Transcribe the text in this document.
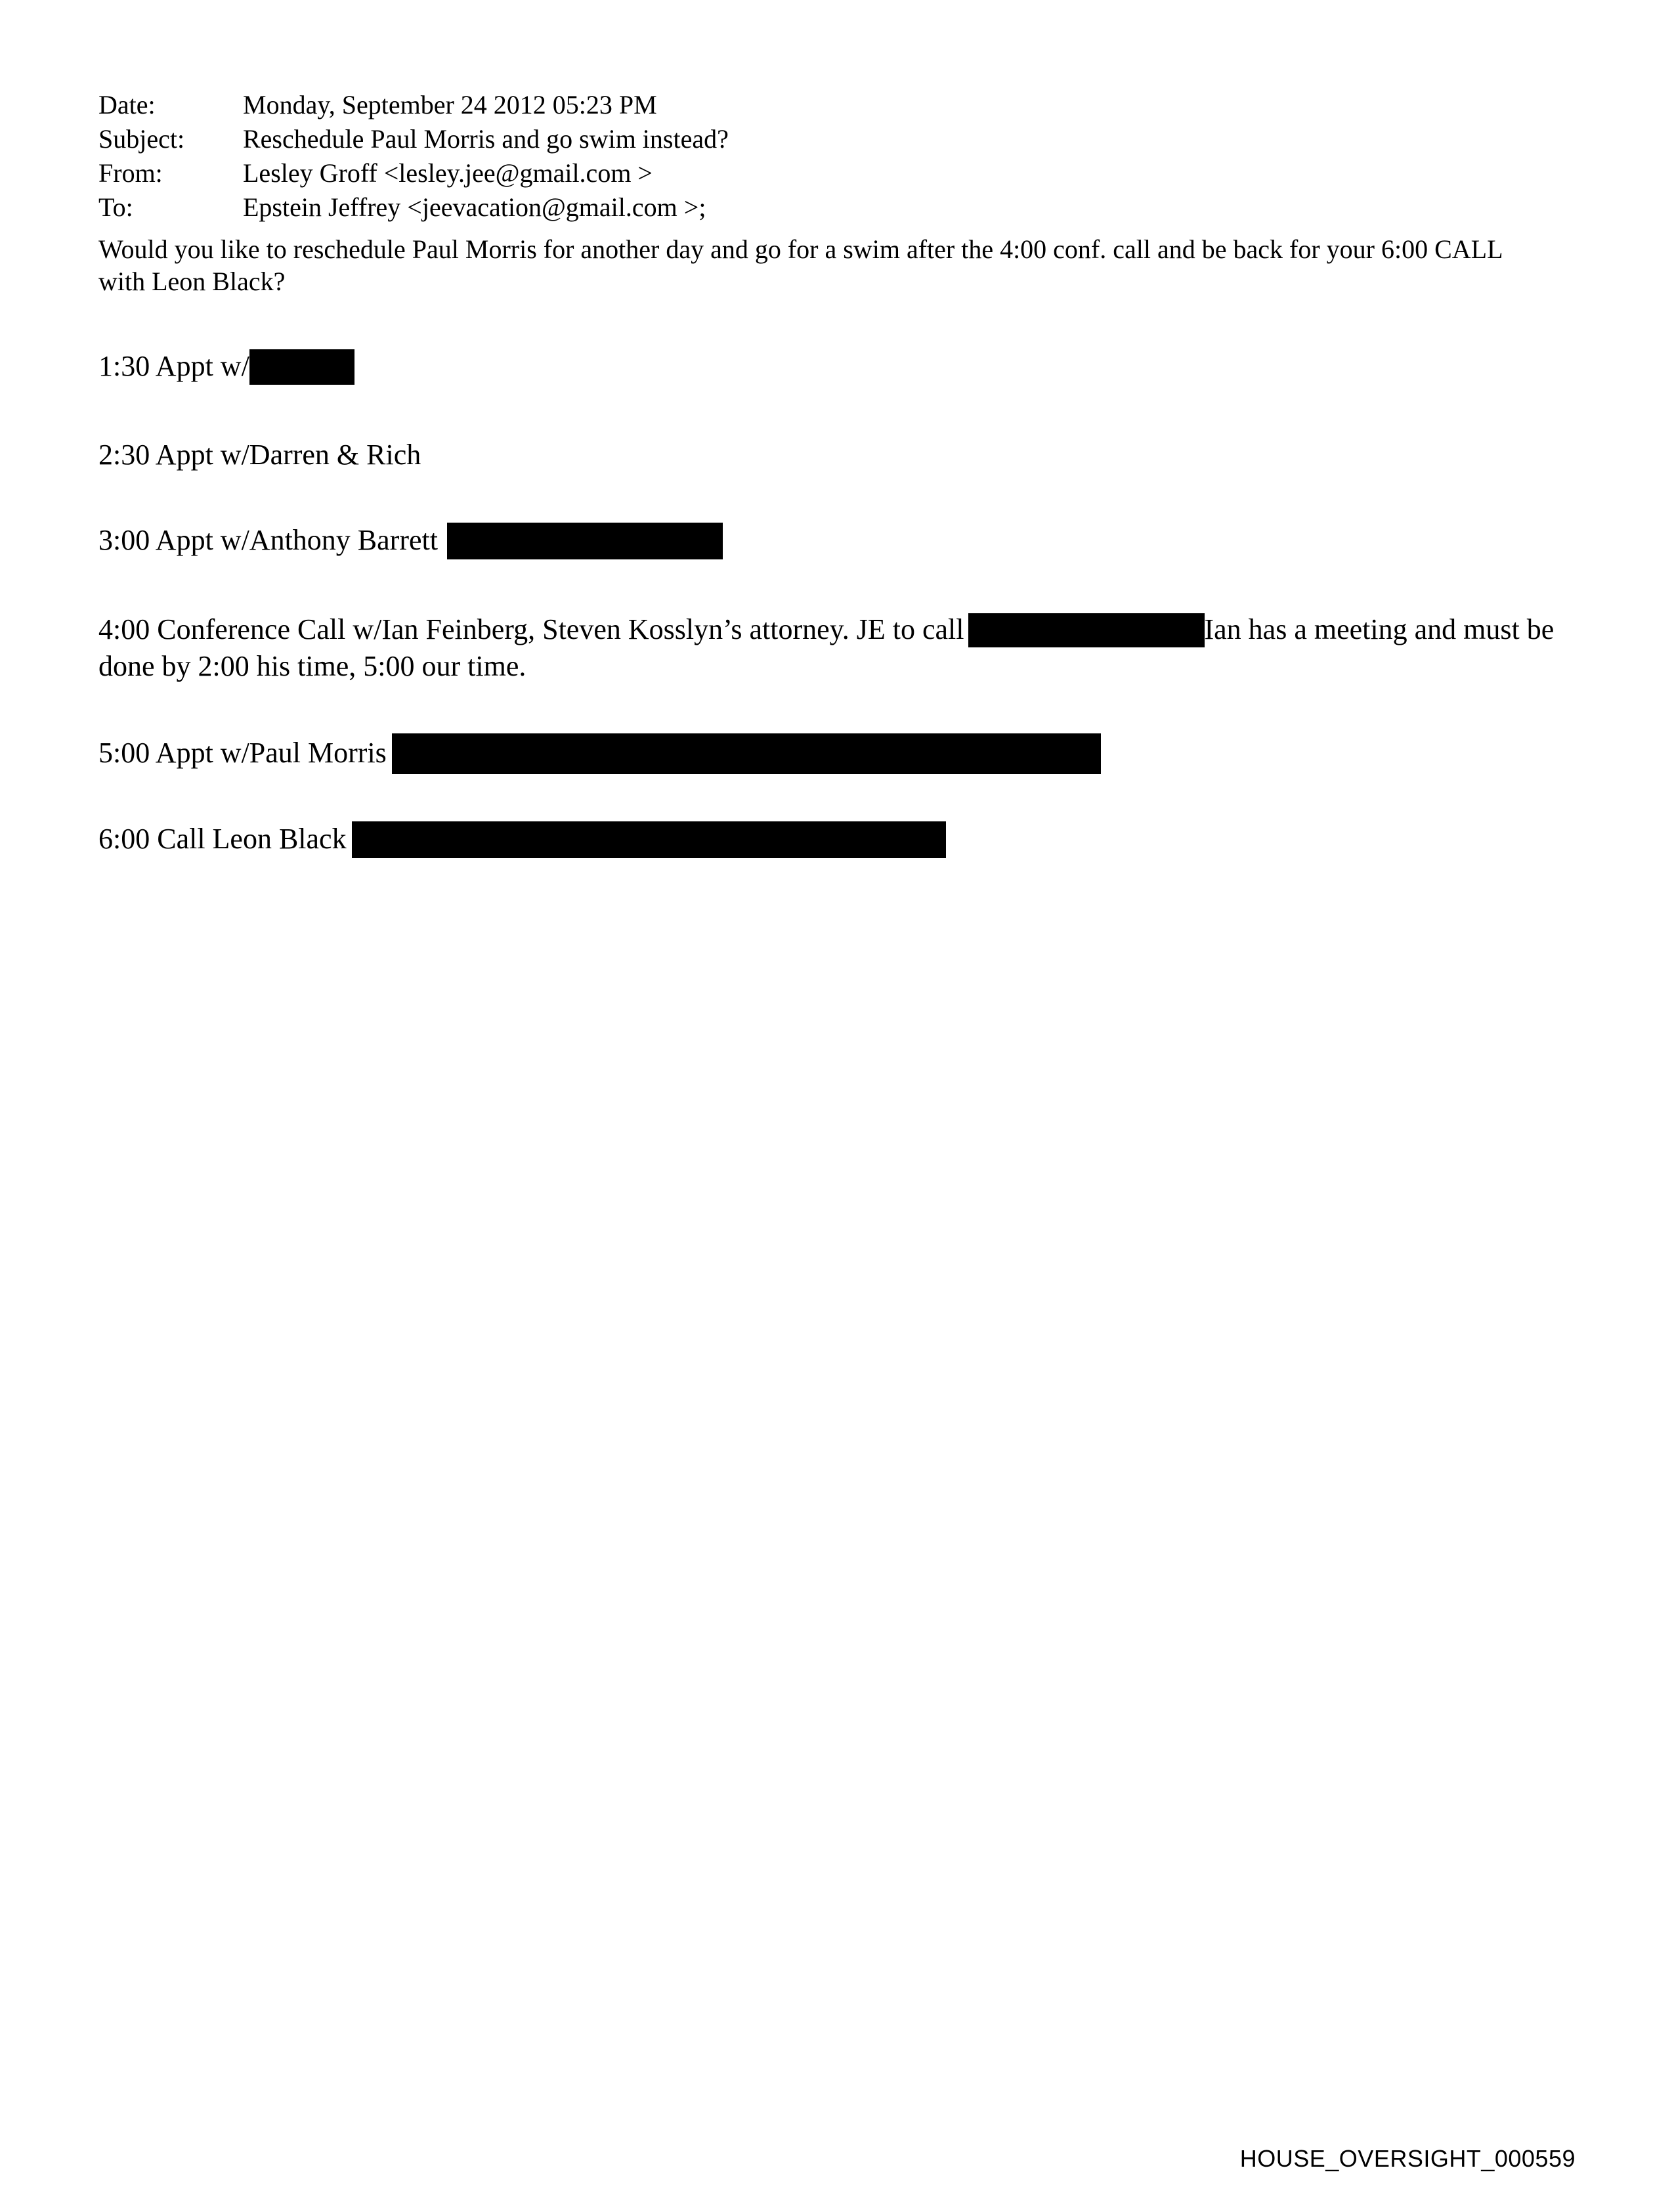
Date:	Monday, September 24 2012 05:23 PM
Subject:	Reschedule Paul Morris and go swim instead?
From:	Lesley Groff <lesley.jee@gmail.com >
To:	Epstein Jeffrey <jeevacation@gmail.com >;
Would you like to reschedule Paul Morris for another day and go for a swim after the 4:00 conf. call and be back for your 6:00 CALL with Leon Black?
1:30 Appt w/
2:30 Appt w/Darren & Rich
3:00 Appt w/Anthony Barrett
4:00 Conference Call w/Ian Feinberg, Steven Kosslyn’s attorney. JE to call	Ian has a meeting and must be done by 2:00 his time, 5:00 our time.
5:00 Appt w/Paul Morris
6:00 Call Leon Black
HOUSE_OVERSIGHT_000559
